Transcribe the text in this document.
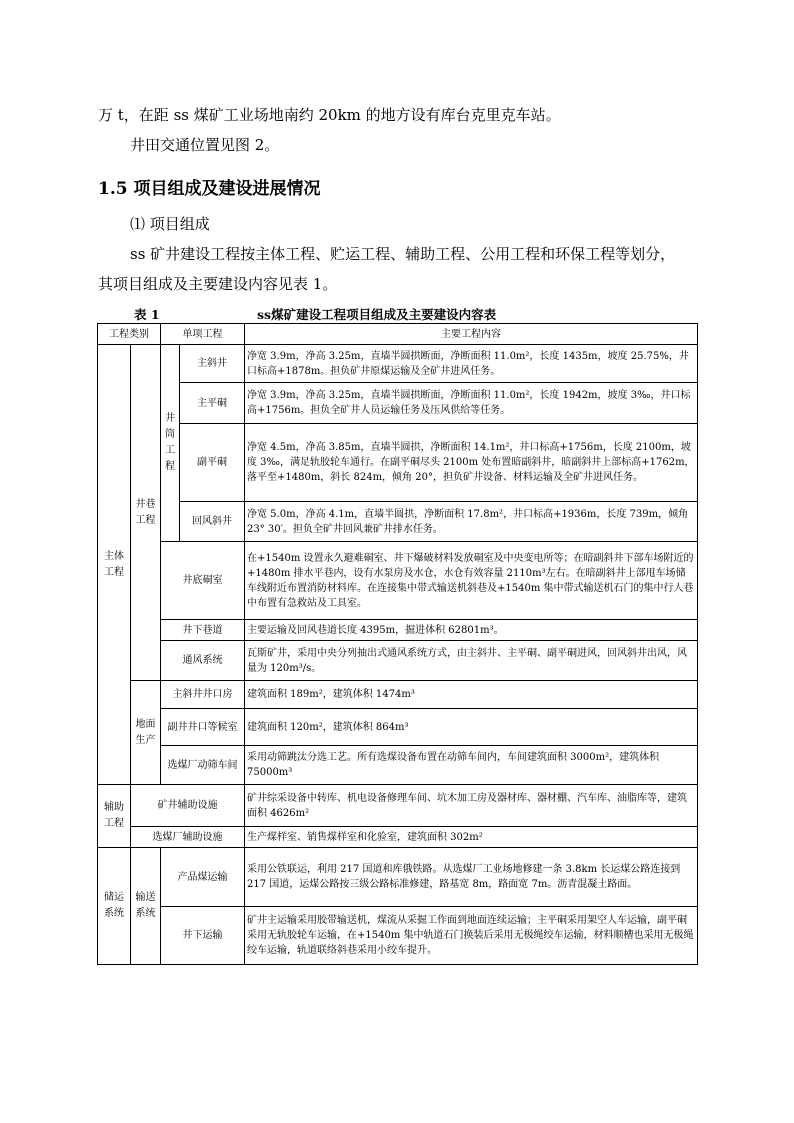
万 t，在距 ss 煤矿工业场地南约 20km 的地方设有库台克里克车站。
井田交通位置见图 2。
1.5 项目组成及建设进展情况
⑴ 项目组成
ss 矿井建设工程按主体工程、贮运工程、辅助工程、公用工程和环保工程等划分，
其项目组成及主要建设内容见表 1。
表 1	ss煤矿建设工程项目组成及主要建设内容表
工程类别		单项工程		主要工程内容
主体工程	井巷工程	井筒工程	主斜井	净宽 3.9m，净高 3.25m，直墙半圆拱断面，净断面积 11.0m²，长度 1435m，坡度 25.75%，井口标高+1878m。担负矿井原煤运输及全矿井进风任务。
			主平硐	净宽 3.9m，净高 3.25m，直墙半圆拱断面，净断面积 11.0m²，长度 1942m，坡度 3‰，井口标高+1756m。担负全矿井人员运输任务及压风供给等任务。
			副平硐	净宽 4.5m，净高 3.85m，直墙半圆拱，净断面积 14.1m²，井口标高+1756m，长度 2100m，坡度 3‰，满足轨胶轮车通行。在副平硐尽头 2100m 处布置暗副斜井，暗副斜井上部标高+1762m，落平至+1480m，斜长 824m，倾角 20°，担负矿井设备、材料运输及全矿井进风任务。
			回风斜井	净宽 5.0m，净高 4.1m，直墙半圆拱，净断面积 17.8m²，井口标高+1936m，长度 739m，倾角 23° 30′。担负全矿井回风兼矿井排水任务。
		井底硐室		在+1540m 设置永久避难硐室、井下爆破材料发放硐室及中央变电所等；在暗副斜井下部车场附近的+1480m 排水平巷内，设有水泵房及水仓，水仓有效容量 2110m³左右。在暗副斜井上部甩车场储车线附近布置消防材料库。在连接集中带式输送机斜巷及+1540m 集中带式输送机石门的集中行人巷中布置有急救站及工具室。
		井下巷道		主要运输及回风巷道长度 4395m，掘进体积 62801m³。
		通风系统		瓦斯矿井，采用中央分列抽出式通风系统方式，由主斜井、主平硐、副平硐进风，回风斜井出风，风量为 120m³/s。
	地面生产	主斜井井口房		建筑面积 189m²，建筑体积 1474m³
		副井井口等候室		建筑面积 120m²，建筑体积 864m³
		选煤厂动筛车间		采用动筛跳汰分选工艺。所有选煤设备布置在动筛车间内，车间建筑面积 3000m²，建筑体积 75000m³
辅助工程	矿井辅助设施			矿井综采设备中转库、机电设备修理车间、坑木加工房及器材库、器材棚、汽车库、油脂库等，建筑面积 4626m²
	选煤厂辅助设施			生产煤样室、销售煤样室和化验室，建筑面积 302m²
储运系统	输送系统	产品煤运输		采用公铁联运，利用 217 国道和库俄铁路。从选煤厂工业场地修建一条 3.8km 长运煤公路连接到 217 国道，运煤公路按三级公路标准修建，路基宽 8m，路面宽 7m。沥青混凝土路面。
		井下运输		矿井主运输采用胶带输送机，煤流从采掘工作面到地面连续运输；主平硐采用架空人车运输，副平硐采用无轨胶轮车运输，在+1540m 集中轨道石门换装后采用无极绳绞车运输，材料顺槽也采用无极绳绞车运输，轨道联络斜巷采用小绞车提升。
